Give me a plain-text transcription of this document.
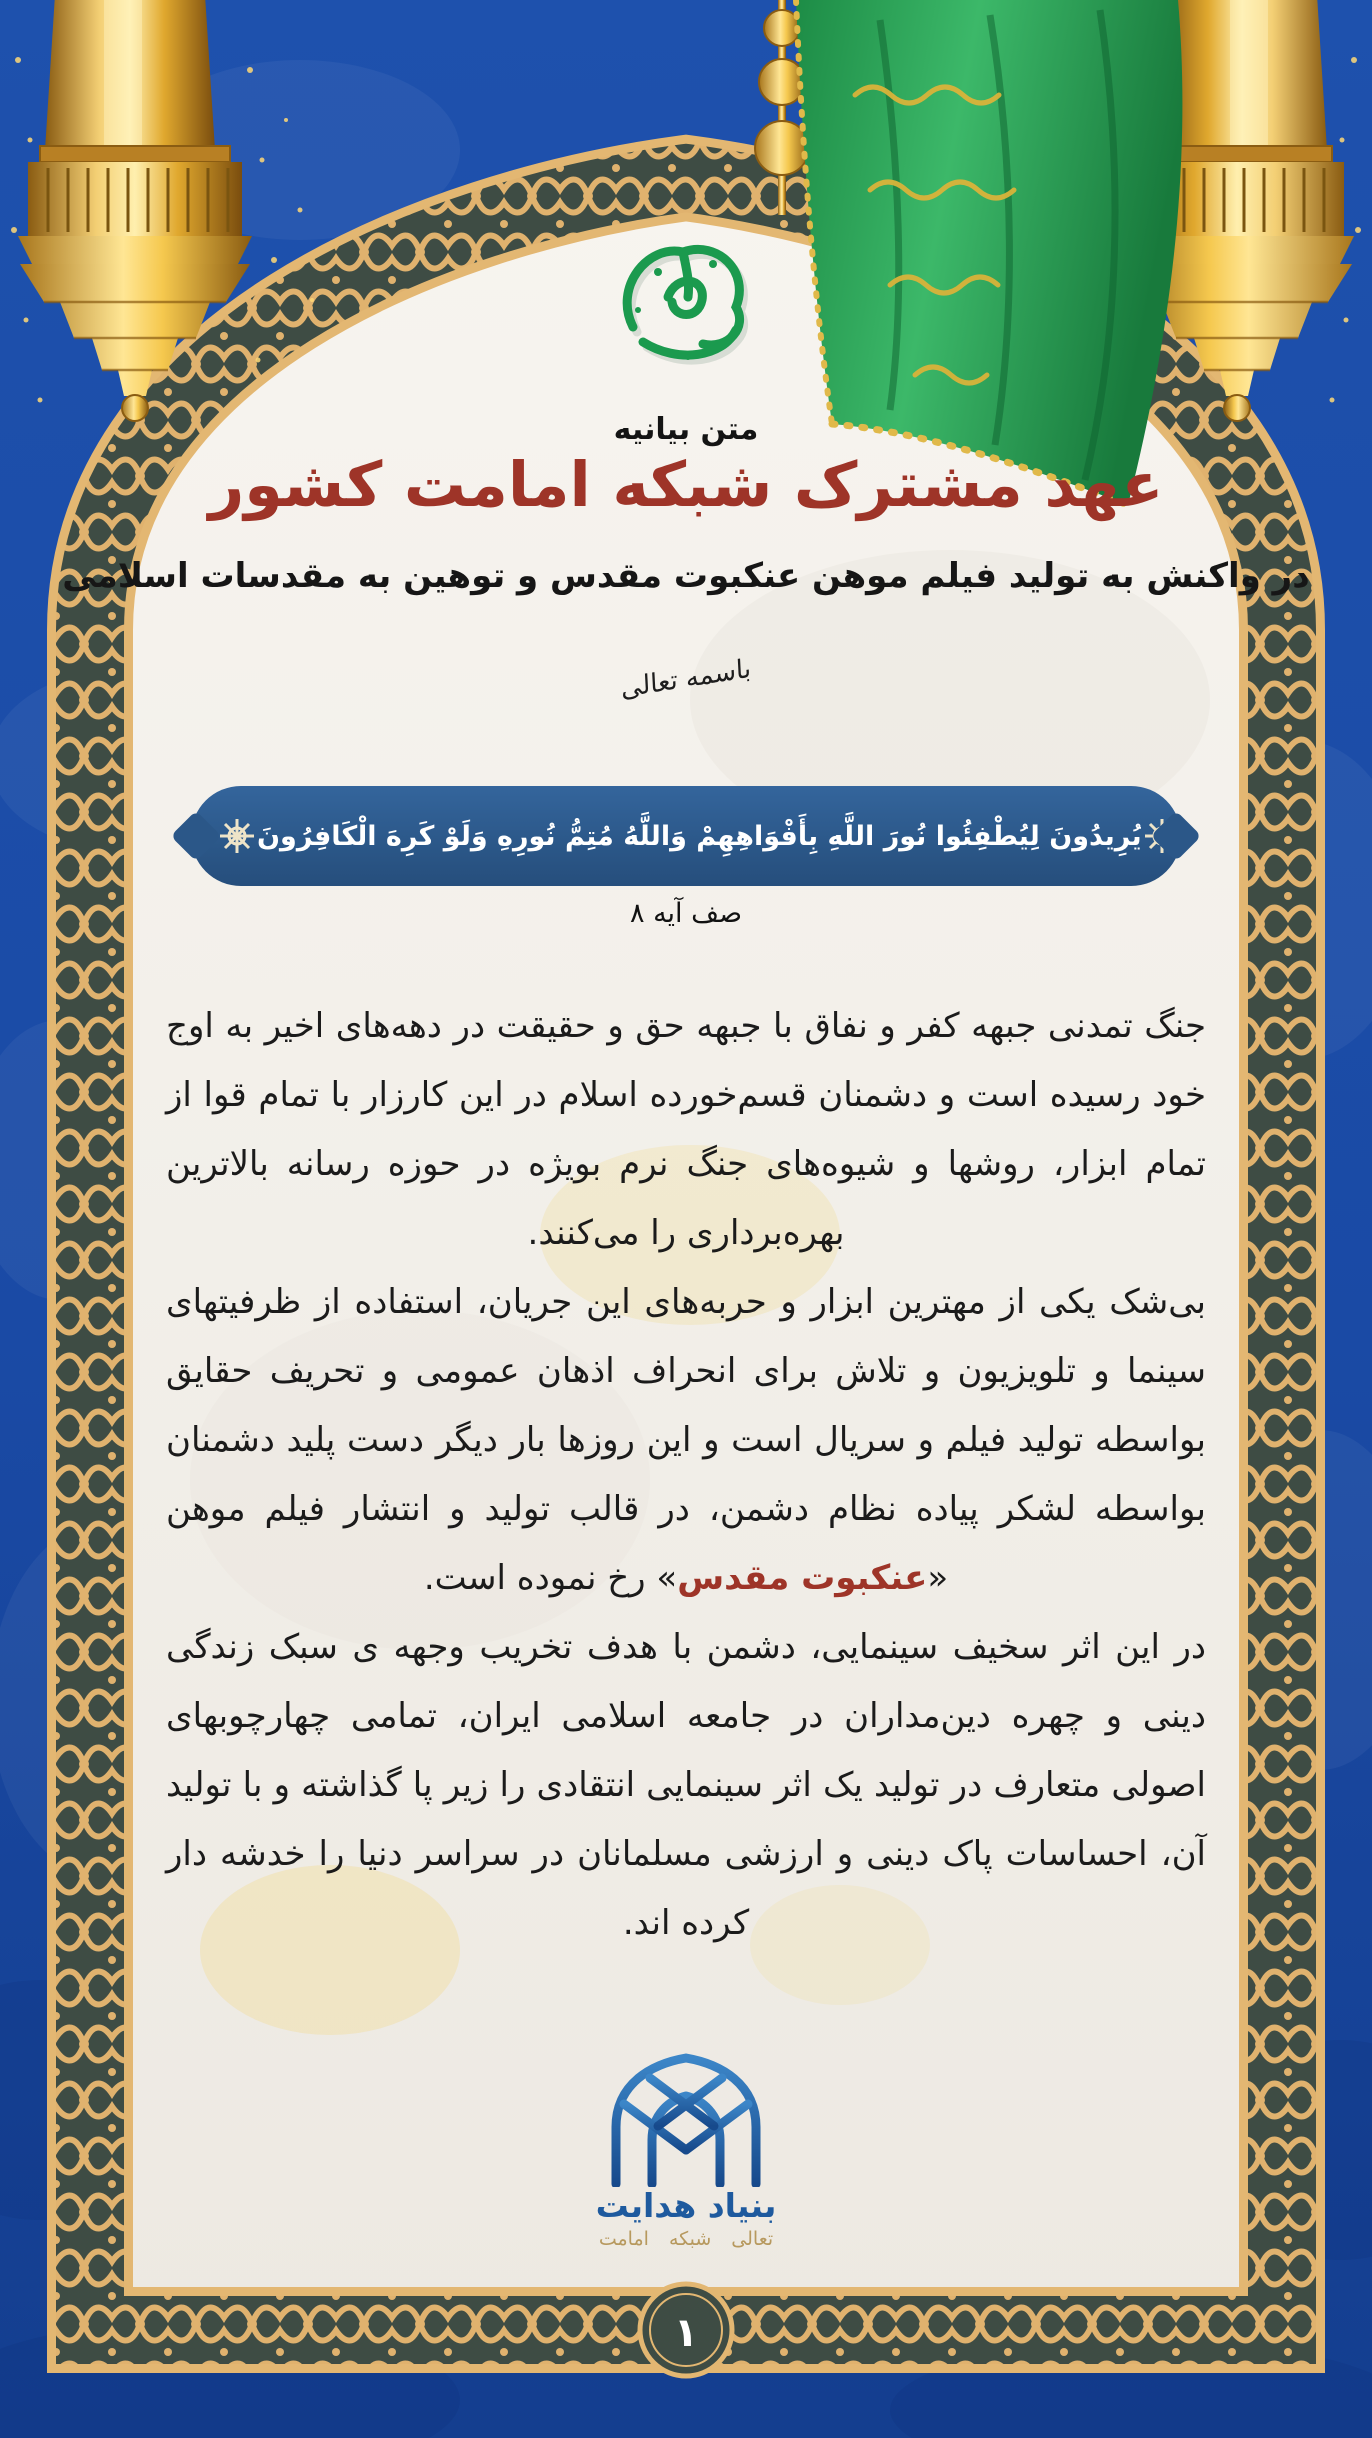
۱
متن بیانیه
عهد مشترک شبکه امامت کشور
در واکنش به تولید فیلم موهن عنکبوت مقدس و توهین به مقدسات اسلامی
باسمه تعالی
یُرِیدُونَ لِیُطْفِئُوا نُورَ اللَّهِ بِأَفْوَاهِهِمْ وَاللَّهُ مُتِمُّ نُورِهِ وَلَوْ کَرِهَ الْکَافِرُونَ
صف آیه ۸

جنگ تمدنی جبهه کفر و نفاق با جبهه حق و حقیقت در دهه‌های اخیر به اوج خود رسیده است و دشمنان قسم‌خورده اسلام در این کارزار با تمام قوا از تمام ابزار، روشها و شیوه‌های جنگ نرم بویژه در حوزه رسانه بالاترین بهره‌برداری را می‌کنند.

بی‌شک یکی از مهترین ابزار و حربه‌های این جریان، استفاده از ظرفیتهای سینما و تلویزیون و تلاش برای انحراف اذهان عمومی و تحریف حقایق بواسطه تولید فیلم و سریال است و این روزها بار دیگر دست پلید دشمنان بواسطه لشکر پیاده نظام دشمن، در قالب تولید و انتشار فیلم موهن «عنکبوت مقدس» رخ نموده است.

در این اثر سخیف سینمایی، دشمن با هدف تخریب وجهه ی سبک زندگی دینی و چهره دین‌مداران در جامعه اسلامی ایران، تمامی چهارچوبهای اصولی متعارف در تولید یک اثر سینمایی انتقادی را زیر پا گذاشته و با تولید آن، احساسات پاک دینی و ارزشی مسلمانان در سراسر دنیا را خدشه دار کرده اند.

بنیاد هدایت
تعالی شبکه امامت
